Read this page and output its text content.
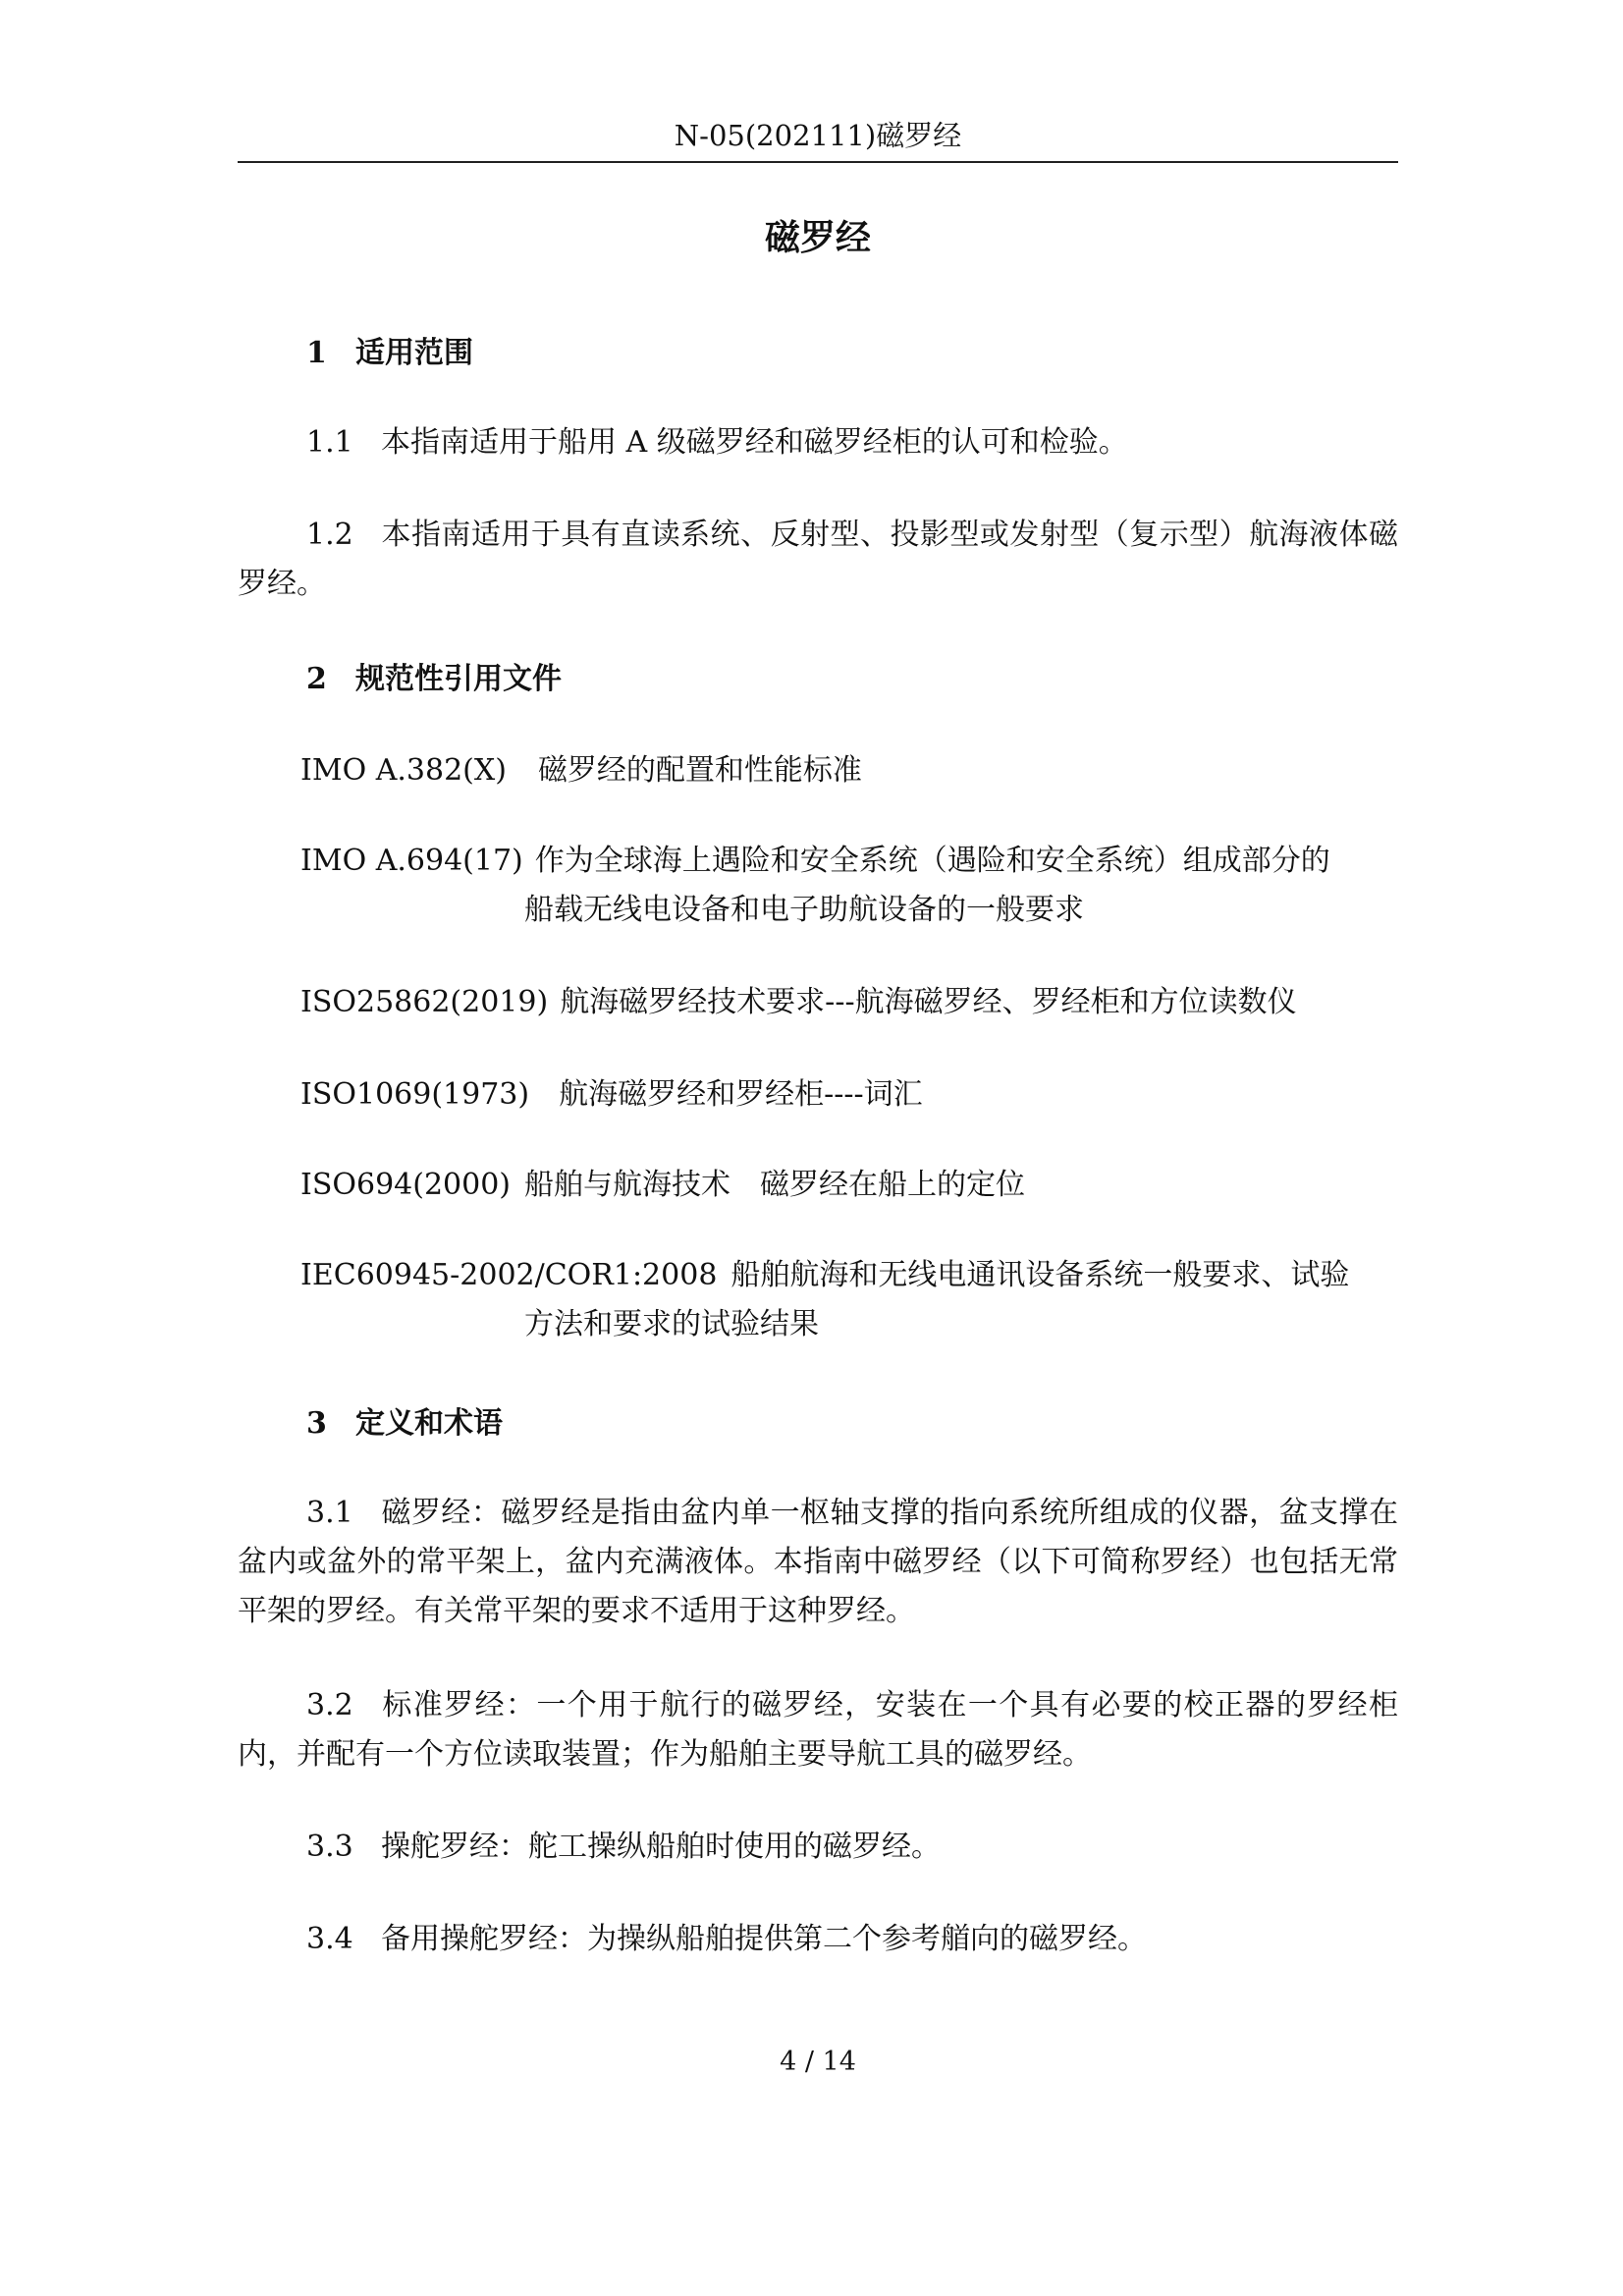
N-05(202111)磁罗经
磁罗经
1 适用范围
1.1 本指南适用于船用 A 级磁罗经和磁罗经柜的认可和检验。
1.2 本指南适用于具有直读系统、反射型、投影型或发射型（复示型）航海液体磁罗经。
2 规范性引用文件
IMO A.382(X) 磁罗经的配置和性能标准
IMO A.694(17) 作为全球海上遇险和安全系统（遇险和安全系统）组成部分的
船载无线电设备和电子助航设备的一般要求
ISO25862(2019) 航海磁罗经技术要求---航海磁罗经、罗经柜和方位读数仪
ISO1069(1973) 航海磁罗经和罗经柜----词汇
ISO694(2000) 船舶与航海技术　磁罗经在船上的定位
IEC60945-2002/COR1:2008 船舶航海和无线电通讯设备系统一般要求、试验
方法和要求的试验结果
3 定义和术语
3.1 磁罗经：磁罗经是指由盆内单一枢轴支撑的指向系统所组成的仪器，盆支撑在盆内或盆外的常平架上，盆内充满液体。本指南中磁罗经（以下可简称罗经）也包括无常平架的罗经。有关常平架的要求不适用于这种罗经。
3.2 标准罗经：一个用于航行的磁罗经，安装在一个具有必要的校正器的罗经柜内，并配有一个方位读取装置；作为船舶主要导航工具的磁罗经。
3.3 操舵罗经：舵工操纵船舶时使用的磁罗经。
3.4 备用操舵罗经：为操纵船舶提供第二个参考艏向的磁罗经。
4 / 14
